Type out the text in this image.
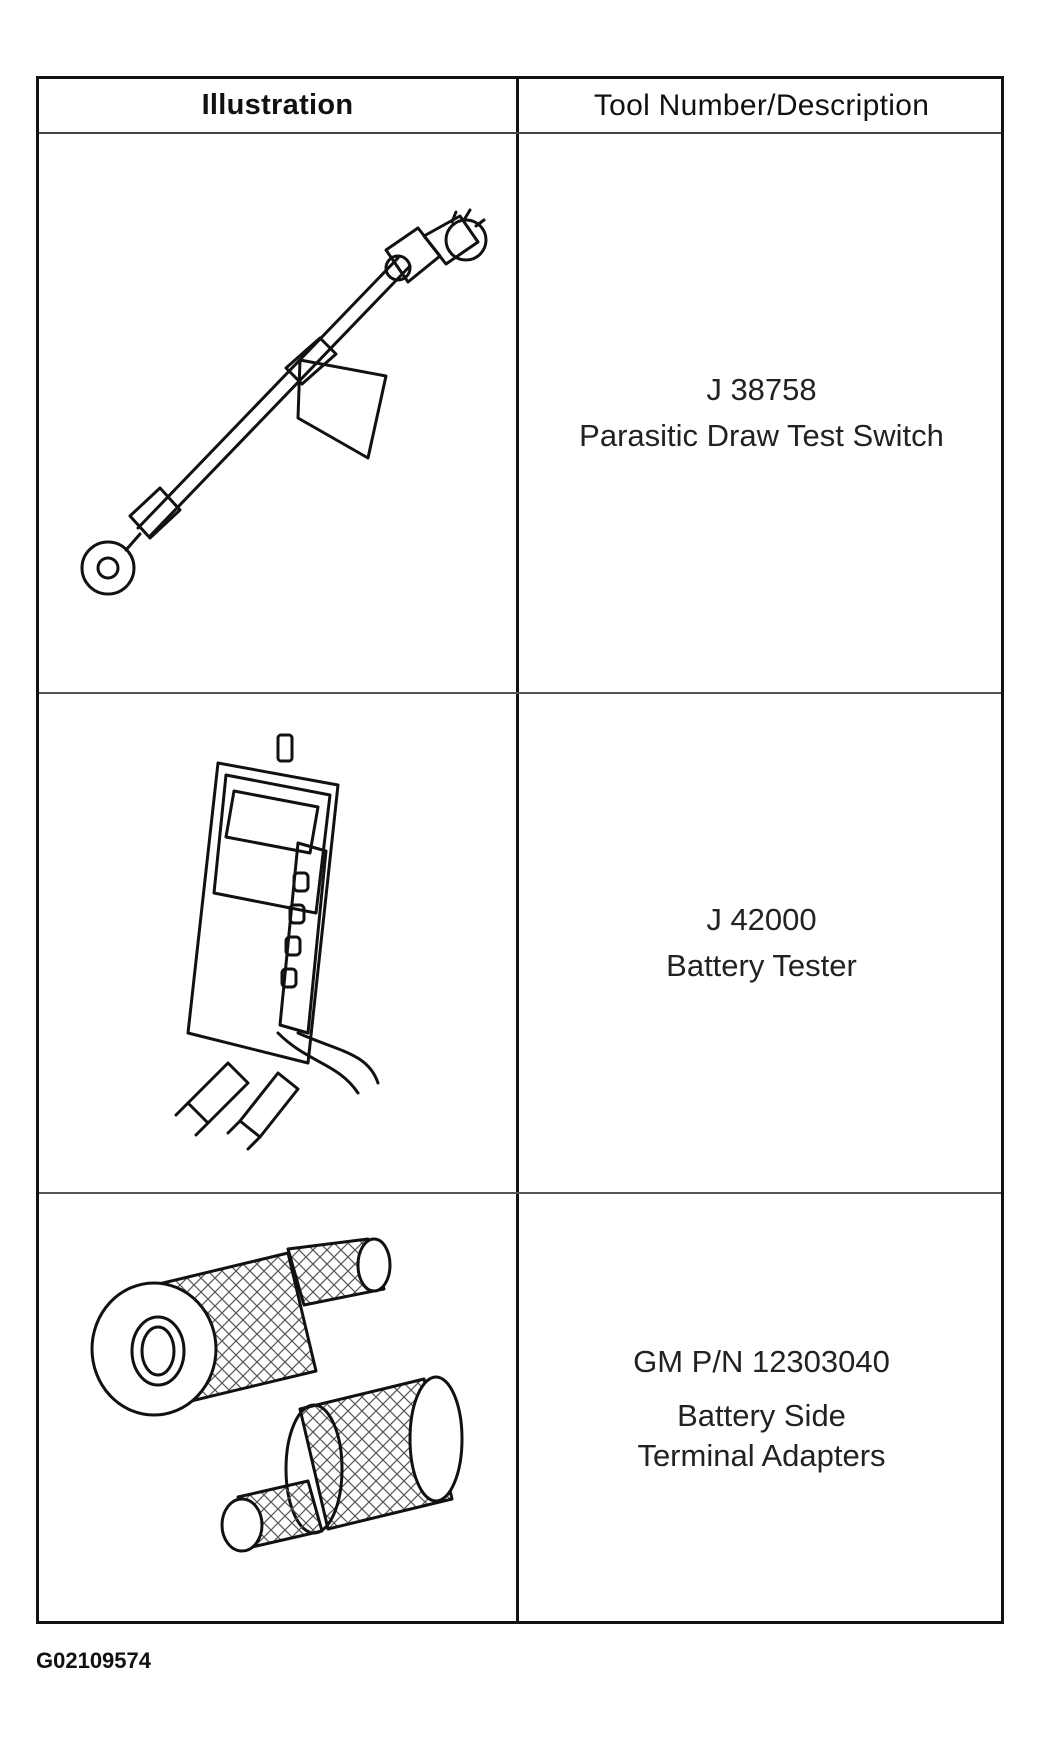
Illustration	Tool Number/Description
J 38758
Parasitic Draw Test Switch
J 42000
Battery Tester
GM P/N 12303040
Battery Side
Terminal Adapters
G02109574
